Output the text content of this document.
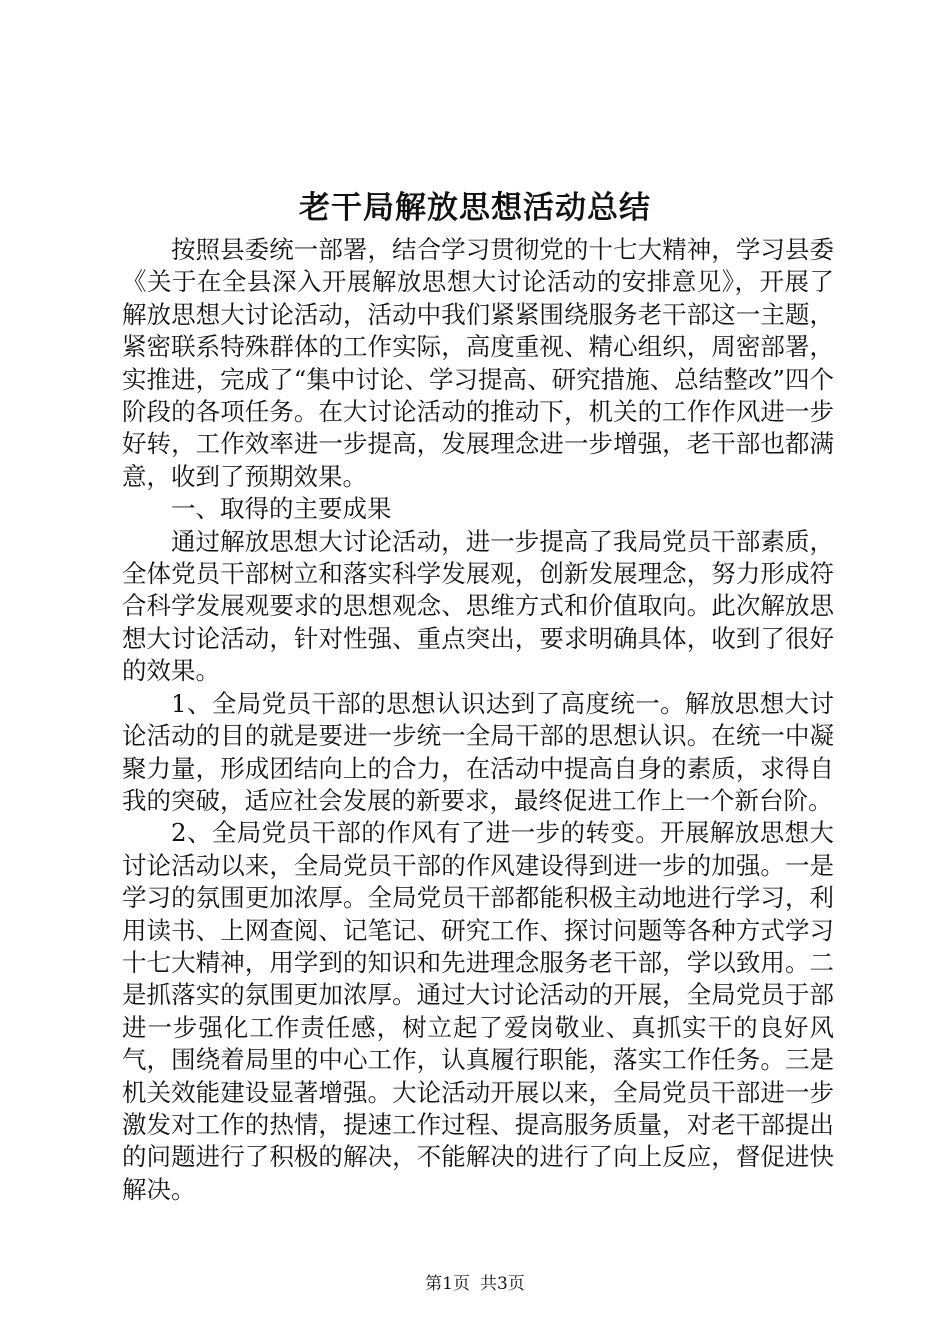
老干局解放思想活动总结

按照县委统一部署，结合学习贯彻党的十七大精神，学习县委《关于在全县深入开展解放思想大讨论活动的安排意见》，开展了解放思想大讨论活动，活动中我们紧紧围绕服务老干部这一主题，紧密联系特殊群体的工作实际，高度重视、精心组织，周密部署，实推进，完成了“集中讨论、学习提高、研究措施、总结整改”四个阶段的各项任务。在大讨论活动的推动下，机关的工作作风进一步好转，工作效率进一步提高，发展理念进一步增强，老干部也都满意，收到了预期效果。

一、取得的主要成果

通过解放思想大讨论活动，进一步提高了我局党员干部素质，全体党员干部树立和落实科学发展观，创新发展理念，努力形成符合科学发展观要求的思想观念、思维方式和价值取向。此次解放思想大讨论活动，针对性强、重点突出，要求明确具体，收到了很好的效果。

1、全局党员干部的思想认识达到了高度统一。解放思想大讨论活动的目的就是要进一步统一全局干部的思想认识。在统一中凝聚力量，形成团结向上的合力，在活动中提高自身的素质，求得自我的突破，适应社会发展的新要求，最终促进工作上一个新台阶。

2、全局党员干部的作风有了进一步的转变。开展解放思想大讨论活动以来，全局党员干部的作风建设得到进一步的加强。一是学习的氛围更加浓厚。全局党员干部都能积极主动地进行学习，利用读书、上网查阅、记笔记、研究工作、探讨问题等各种方式学习十七大精神，用学到的知识和先进理念服务老干部，学以致用。二是抓落实的氛围更加浓厚。通过大讨论活动的开展，全局党员于部进一步强化工作责任感，树立起了爱岗敬业、真抓实干的良好风气，围绕着局里的中心工作，认真履行职能，落实工作任务。三是机关效能建设显著增强。大论活动开展以来，全局党员干部进一步激发对工作的热情，提速工作过程、提高服务质量，对老干部提出的问题进行了积极的解决，不能解决的进行了向上反应，督促进快解决。

第1页 共3页
